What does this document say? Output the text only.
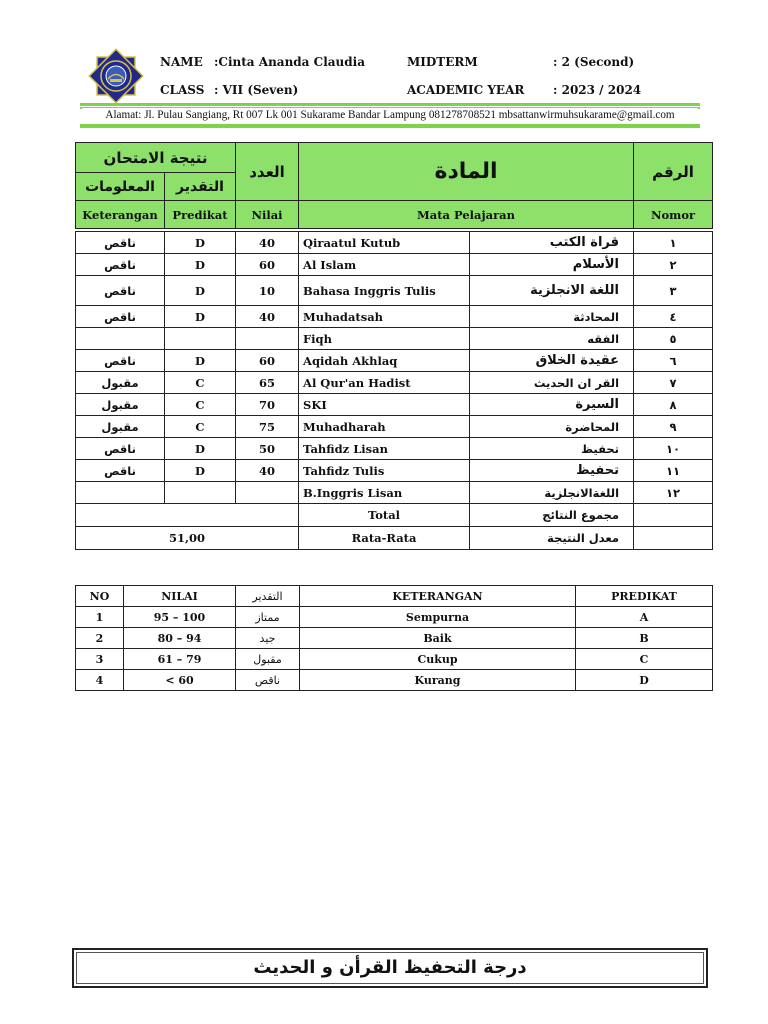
NAME :Cinta Ananda Claudia
CLASS : VII (Seven)
MIDTERM	: 2 (Second)
ACADEMIC YEAR : 2023 / 2024
Alamat: Jl. Pulau Sangiang, Rt 007 Lk 001 Sukarame Bandar Lampung 081278708521 mbsattanwirmuhsukarame@gmail.com
نتيجة الامتحان		العدد	المادة		الرقم
المعلومات	التقدير				
Keterangan	Predikat	Nilai	Mata Pelajaran		Nomor

ناقص	D	40	Qiraatul Kutub	قراة الكتب	١
ناقص	D	60	Al Islam	الأسلام	٢
ناقص	D	10	Bahasa Inggris Tulis	اللغة الانجلزية	٣
ناقص	D	40	Muhadatsah	المحادثة	٤
			Fiqh	الفقه	٥
ناقص	D	60	Aqidah Akhlaq	عقيدة الخلاق	٦
مقبول	C	65	Al Qur'an Hadist	القر ان الحديث	٧
مقبول	C	70	SKI	السيرة	٨
مقبول	C	75	Muhadharah	المحاضرة	٩
ناقص	D	50	Tahfidz Lisan	تحفيظ	١٠
ناقص	D	40	Tahfidz Tulis	تحفيظ	١١
			B.Inggris Lisan	اللغةالانجلزية	١٢
			Total	مجموع النتائج	
51,00			Rata-Rata	معدل النتيجة	
NO	NILAI	التقدير	KETERANGAN	PREDIKAT
1	95 – 100	ممتاز	Sempurna	A
2	80 – 94	جيد	Baik	B
3	61 – 79	مقبول	Cukup	C
4	< 60	ناقص	Kurang	D
درجة التحفيظ القرأن و الحديث
